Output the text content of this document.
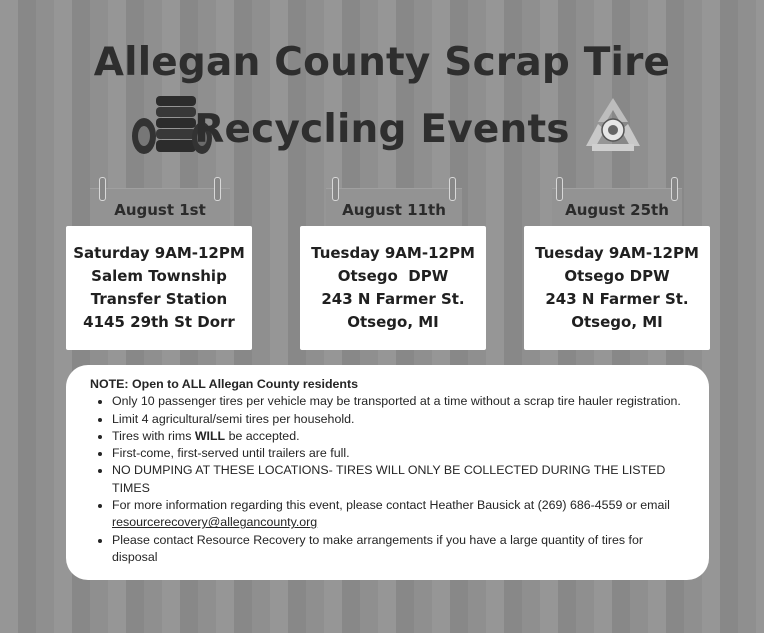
Allegan County Scrap Tire
Recycling Events
August 1st
Saturday 9AM-12PM
Salem Township
Transfer Station
4145 29th St Dorr
August 11th
Tuesday 9AM-12PM
Otsego  DPW
243 N Farmer St.
Otsego, MI
August 25th
Tuesday 9AM-12PM
Otsego DPW
243 N Farmer St.
Otsego, MI
NOTE: Open to ALL Allegan County residents
• Only 10 passenger tires per vehicle may be transported at a time without a scrap tire hauler registration.
• Limit 4 agricultural/semi tires per household.
• Tires with rims WILL be accepted.
• First-come, first-served until trailers are full.
• NO DUMPING AT THESE LOCATIONS- TIRES WILL ONLY BE COLLECTED DURING THE LISTED TIMES
• For more information regarding this event, please contact Heather Bausick at (269) 686-4559 or email resourcerecovery@allegancounty.org
• Please contact Resource Recovery to make arrangements if you have a large quantity of tires for disposal
